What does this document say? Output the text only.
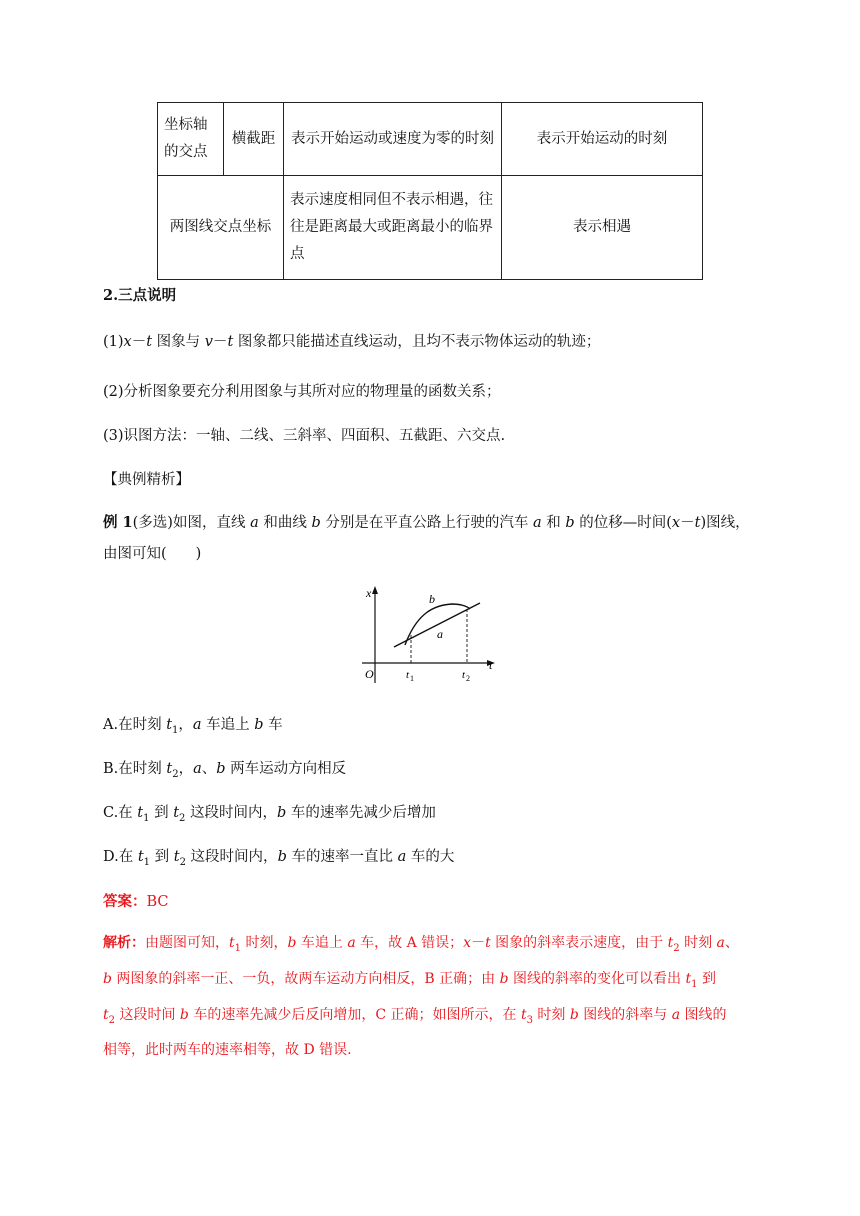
坐标轴的交点	横截距	表示开始运动或速度为零的时刻	表示开始运动的时刻
两图线交点坐标		表示速度相同但不表示相遇，往往是距离最大或距离最小的临界点	表示相遇
2.三点说明
(1)x－t 图象与 v－t 图象都只能描述直线运动，且均不表示物体运动的轨迹；
(2)分析图象要充分利用图象与其所对应的物理量的函数关系；
(3)识图方法：一轴、二线、三斜率、四面积、五截距、六交点.
【典例精析】
例 1(多选)如图，直线 a 和曲线 b 分别是在平直公路上行驶的汽车 a 和 b 的位移—时间(x－t)图线，
由图可知(　　)
x
t
O
b
a
t 1	t 2
A.在时刻 $t_1$，a 车追上 b 车
B.在时刻 $t_2$，a、b 两车运动方向相反
C.在 $t_1$ 到 $t_2$ 这段时间内，b 车的速率先减少后增加
D.在 $t_1$ 到 $t_2$ 这段时间内，b 车的速率一直比 a 车的大
答案：BC
解析：由题图可知，$t_1$ 时刻，b 车追上 a 车，故 A 错误；x－t 图象的斜率表示速度，由于 $t_2$ 时刻 a、
b 两图象的斜率一正、一负，故两车运动方向相反，B 正确；由 b 图线的斜率的变化可以看出 $t_1$ 到
$t_2$ 这段时间 b 车的速率先减少后反向增加，C 正确；如图所示，在 $t_3$ 时刻 b 图线的斜率与 a 图线的
相等，此时两车的速率相等，故 D 错误.
